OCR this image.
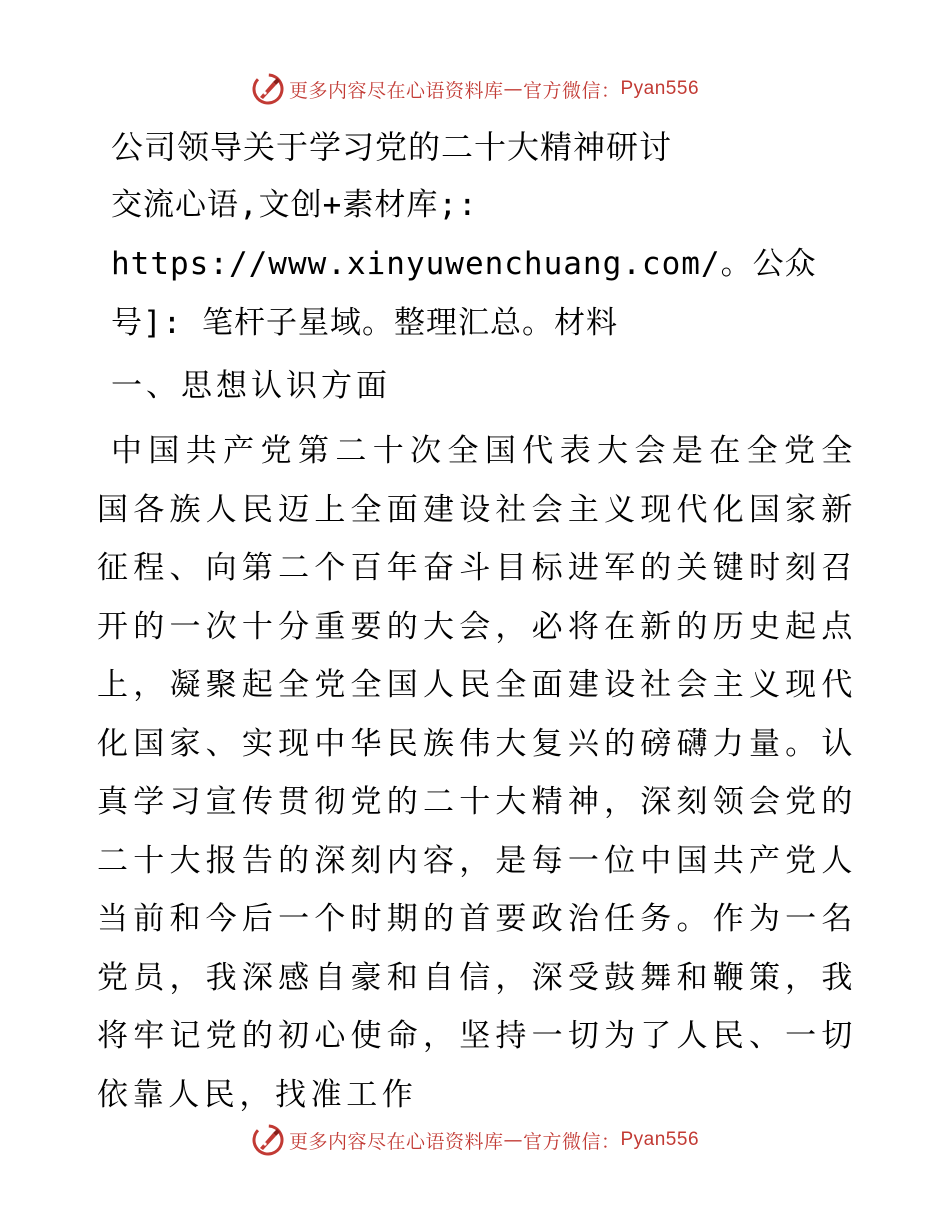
更多内容尽在心语资料库 — 官方微信： Pyan556
公司领导关于学习党的二十大精神研讨

交流心语,文创+素材库;: https://www.xinyuwenchuang.com/。公众号]: 笔杆子星域。整理汇总。材料

一、思想认识方面

中国共产党第二十次全国代表大会是在全党全国各族人民迈上全面建设社会主义现代化国家新征程、向第二个百年奋斗目标进军的关键时刻召开的一次十分重要的大会，必将在新的历史起点上，凝聚起全党全国人民全面建设社会主义现代化国家、实现中华民族伟大复兴的磅礴力量。认真学习宣传贯彻党的二十大精神，深刻领会党的二十大报告的深刻内容，是每一位中国共产党人当前和今后一个时期的首要政治任务。作为一名党员，我深感自豪和自信，深受鼓舞和鞭策，我将牢记党的初心使命，坚持一切为了人民、一切依靠人民，找准工作

更多内容尽在心语资料库 — 官方微信： Pyan556
